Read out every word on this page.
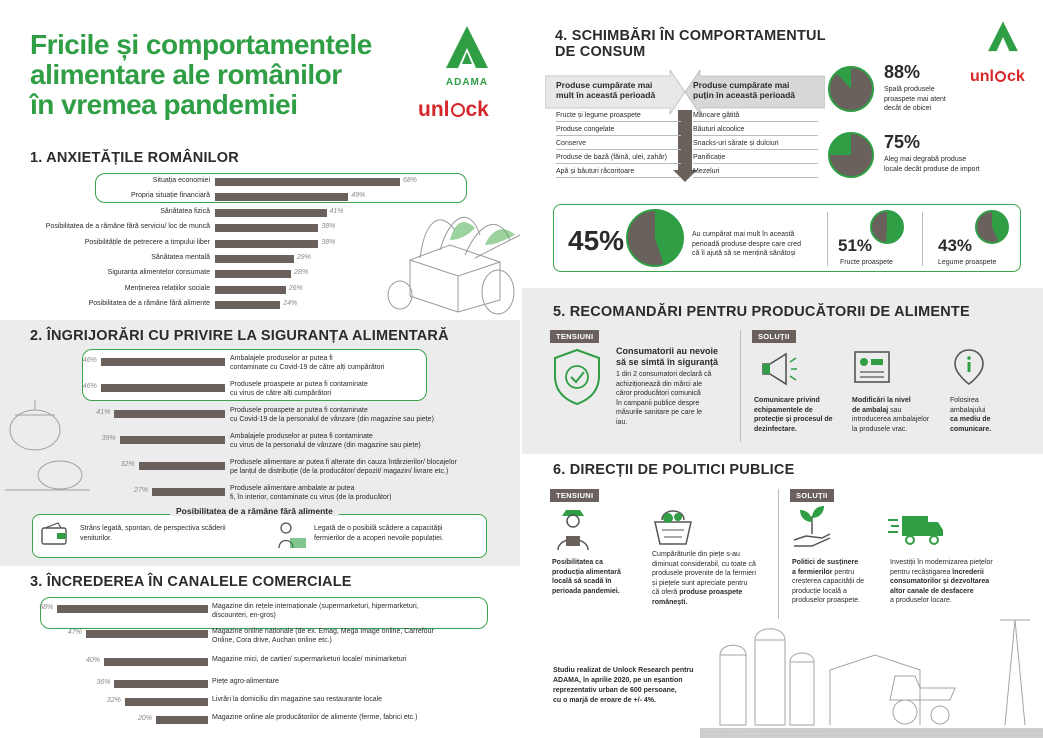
Fricile și comportamentele
alimentare ale românilor
în vremea pandemiei
ADAMA
unl ck
1. ANXIETĂȚILE ROMÂNILOR
Situația economiei	68%
Propria situație financiară	49%
Sănătatea fizică	41%
Posibilitatea de a rămâne fără serviciu/ loc de muncă	38%
Posibilitățile de petrecere a timpului liber	38%
Sănătatea mentală	29%
Siguranța alimentelor consumate	28%
Menținerea relațiilor sociale	26%
Posibilitatea de a rămâne fără alimente	24%
2. ÎNGRIJORĂRI CU PRIVIRE LA SIGURANȚA ALIMENTARĂ
46%	Ambalajele produselor ar putea fi
contaminate cu Covid-19 de către alți cumpărători
46%	Produsele proaspete ar putea fi contaminate
cu virus de către alți cumpărători
41%	Produsele proaspete ar putea fi contaminate
cu Covid-19 de la personalul de vânzare (din magazine sau piețe)
39%	Ambalajele produselor ar putea fi contaminate
cu virus de la personalul de vânzare (din magazine sau piețe)
32%	Produsele alimentare ar putea fi alterate din cauza întârzierilor/ blocajelor
pe lanțul de distribuție (de la producător/ depozit/ magazin/ livrare etc.)
27%	Produsele alimentare ambalate ar putea
fi, în interior, contaminate cu virus (de la producător)
Posibilitatea de a rămâne fără alimente
Strâns legată, spontan, de perspectiva scăderii
veniturilor.
Legată de o posibilă scădere a capacității
fermierilor de a acoperi nevoile populației.
3. ÎNCREDEREA ÎN CANALELE COMERCIALE
58%	Magazine din rețele internaționale (supermarketuri, hipermarketuri,
discounteri, en-gros)
47%	Magazine online naționale (de ex. Emag, Mega Image online, Carrefour
Online, Cora drive, Auchan online etc.)
40%	Magazine mici, de cartier/ supermarketuri locale/ minimarketuri
36%	Piețe agro-alimentare
32%	Livrări la domiciliu din magazine sau restaurante locale
20%	Magazine online ale producătorilor de alimente (ferme, fabrici etc.)
4. SCHIMBĂRI ÎN COMPORTAMENTUL
DE CONSUM
unl ck
Produse cumpărate mai
mult în această perioadă
Produse cumpărate mai
puțin în această perioadă
Fructe și legume proaspete
Produse congelate
Conserve
Produse de bază (făină, ulei, zahăr)
Apă și băuturi răcoritoare
Mâncare gătită
Băuturi alcoolice
Snacks-uri sărate și dulciuri
Panificație
Mezeluri
88%
Spală produsele
proaspete mai atent
decât de obicei
75%
Aleg mai degrabă produse
locale decât produse de import
45%	Au cumpărat mai mult în această
perioadă produse despre care cred
că îi ajută să se mențină sănătoși	51%
Fructe proaspete
43%
Legume proaspete
5. RECOMANDĂRI PENTRU PRODUCĂTORII DE ALIMENTE
TENSIUNI	SOLUȚII
Consumatorii au nevoie
să se simtă în siguranță
1 din 2 consumatori declară că
achiziționează din mărci ale
căror producători comunică
în campanii publice despre
măsurile sanitare pe care le
iau.
Comunicare privind
echipamentele de
protecție și procesul de
dezinfectare.
Modificări la nivel
de ambalaj sau
introducerea ambalajelor
la produsele vrac.
Folosirea
ambalajului
ca mediu de
comunicare.
6. DIRECȚII DE POLITICI PUBLICE
TENSIUNI	SOLUȚII
Posibilitatea ca
producția alimentară
locală să scadă în
perioada pandemiei.
Cumpărăturile din piețe s-au
diminuat considerabil, cu toate că
produsele provenite de la fermieri
și piețele sunt apreciate pentru
că oferă produse proaspete
românești.
Politici de susținere
a fermierilor pentru
creșterea capacității de
producție locală a
produselor proaspete.
Investiții în modernizarea piețelor
pentru recâștigarea încrederii
consumatorilor și dezvoltarea
altor canale de desfacere
a produselor locare.
Studiu realizat de Unlock Research pentru
ADAMA, în aprilie 2020, pe un eșantion
reprezentativ urban de 600 persoane,
cu o marjă de eroare de +/- 4%.
